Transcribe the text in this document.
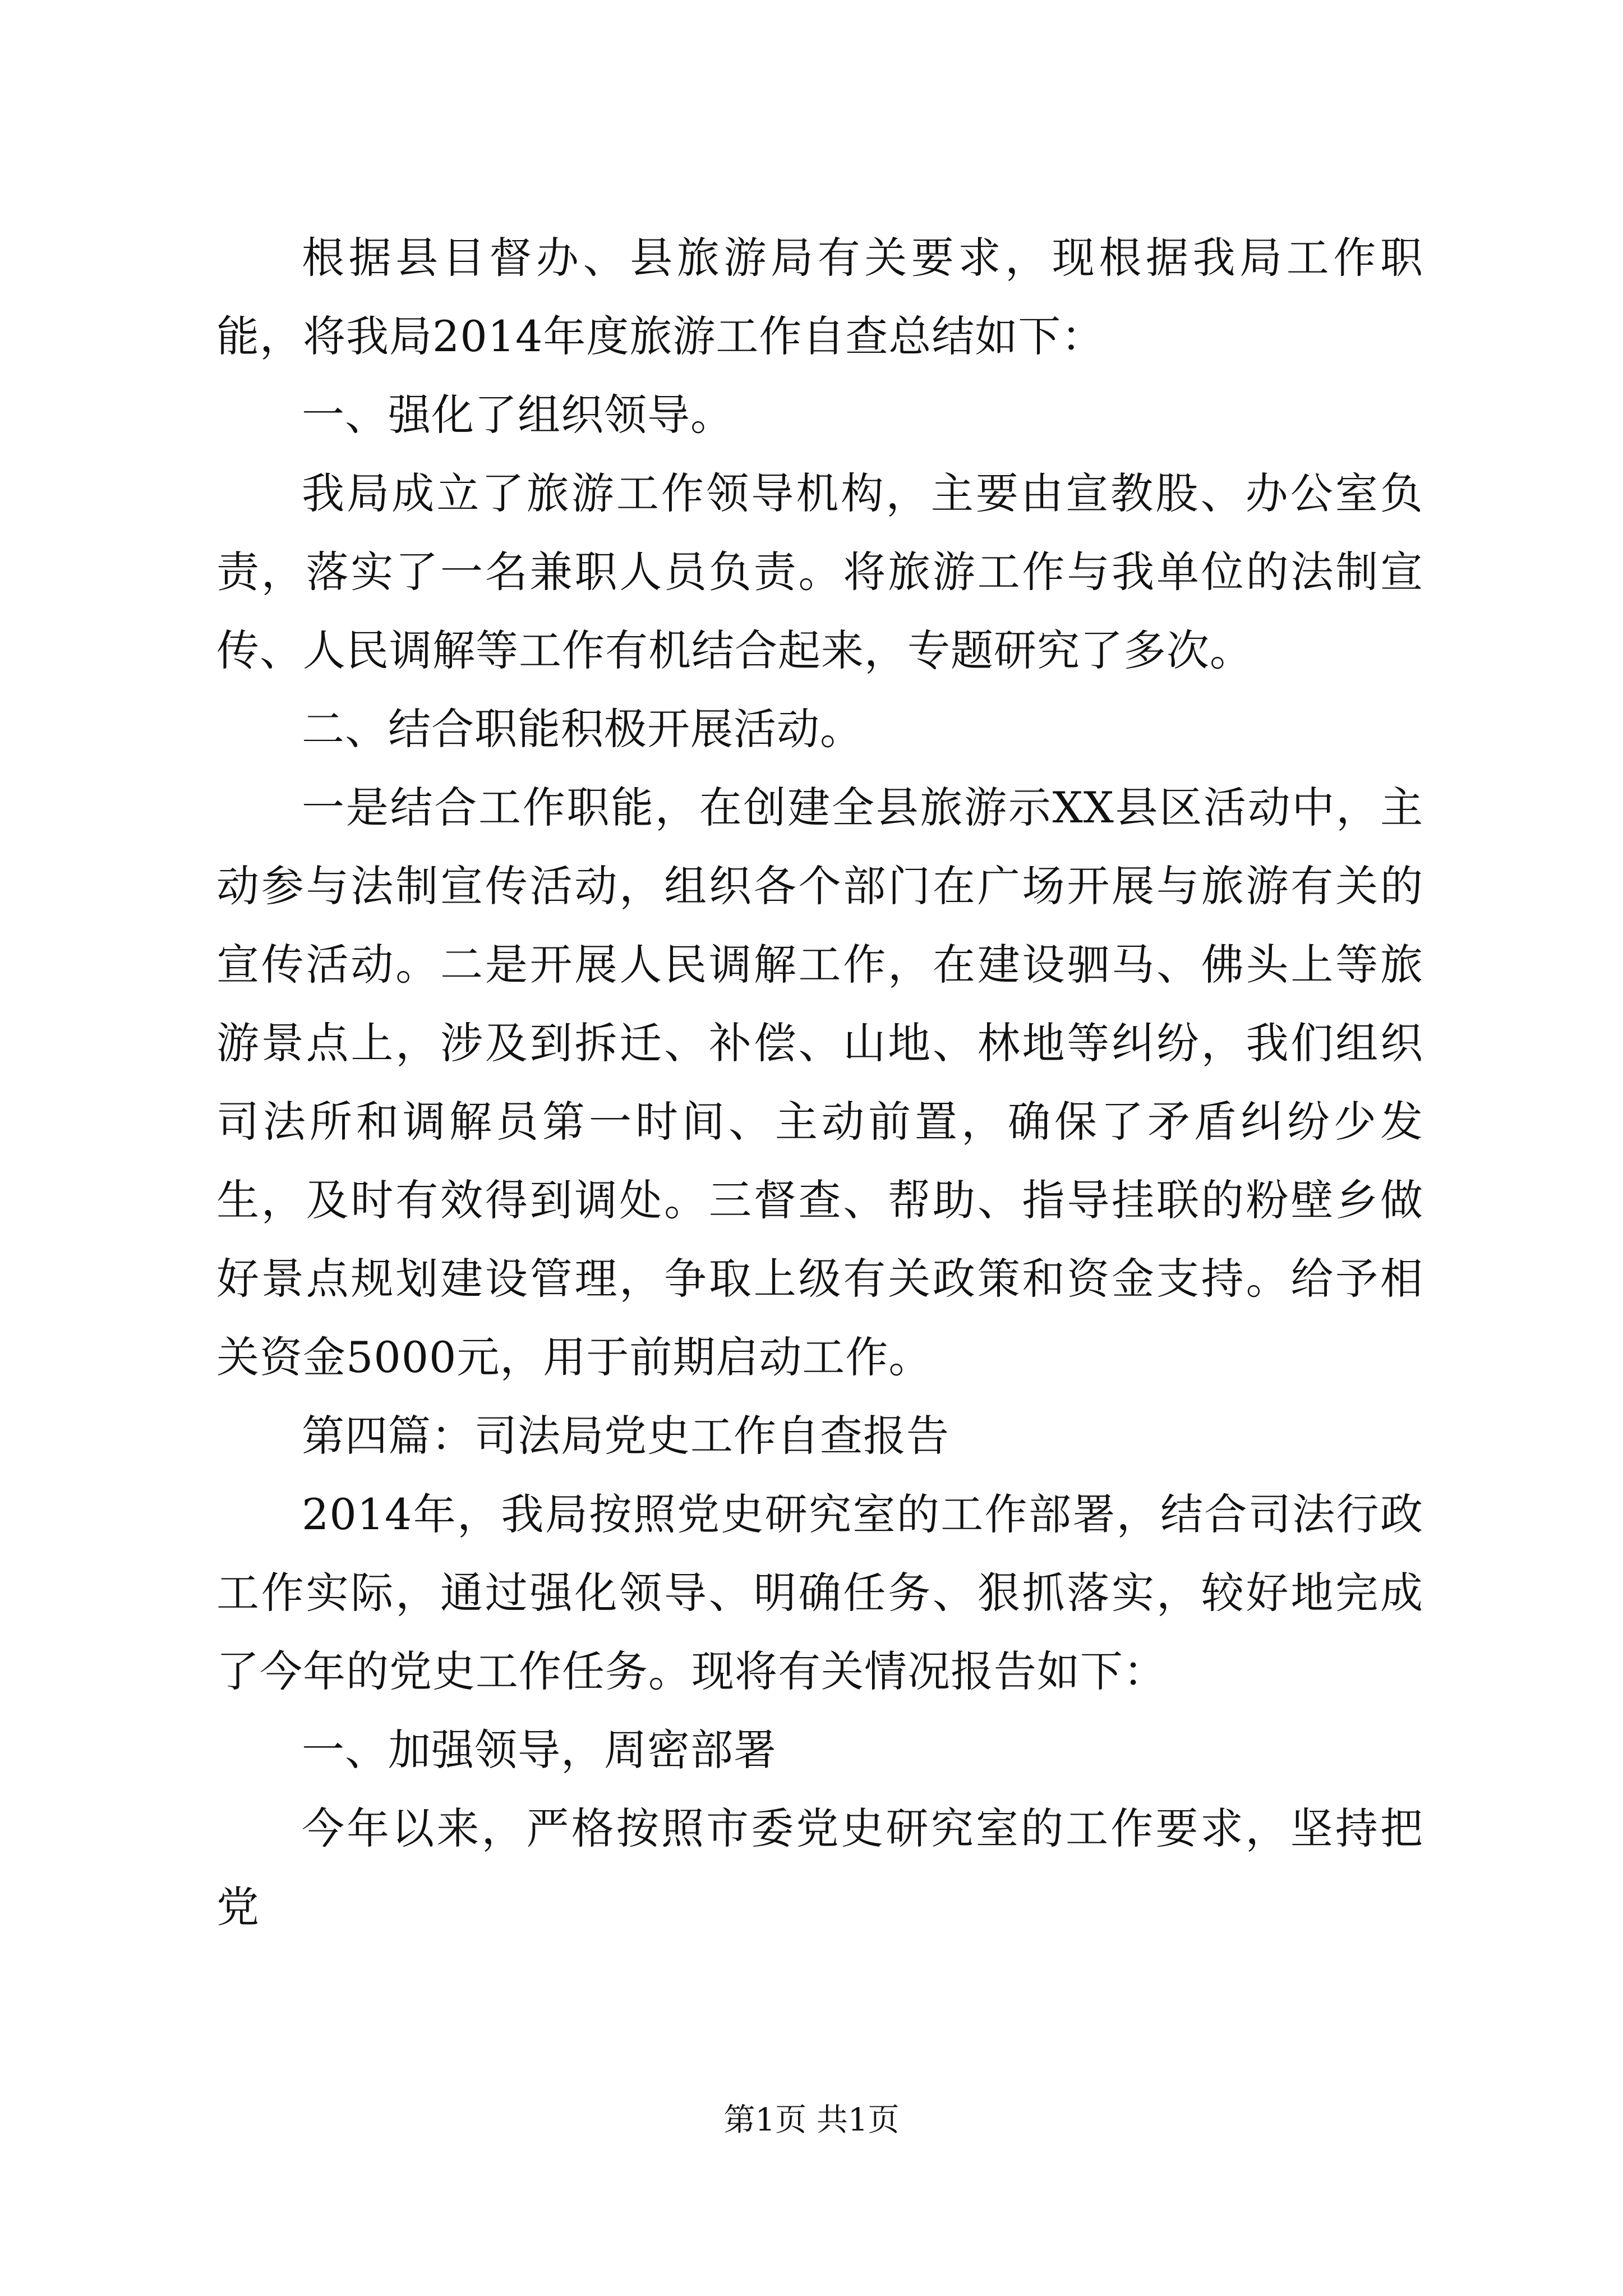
根据县目督办、县旅游局有关要求，现根据我局工作职能，将我局2014年度旅游工作自查总结如下：

一、强化了组织领导。

我局成立了旅游工作领导机构，主要由宣教股、办公室负责，落实了一名兼职人员负责。将旅游工作与我单位的法制宣传、人民调解等工作有机结合起来，专题研究了多次。

二、结合职能积极开展活动。

一是结合工作职能，在创建全县旅游示XX县区活动中，主动参与法制宣传活动，组织各个部门在广场开展与旅游有关的宣传活动。二是开展人民调解工作，在建设驷马、佛头上等旅游景点上，涉及到拆迁、补偿、山地、林地等纠纷，我们组织司法所和调解员第一时间、主动前置，确保了矛盾纠纷少发生，及时有效得到调处。三督查、帮助、指导挂联的粉壁乡做好景点规划建设管理，争取上级有关政策和资金支持。给予相关资金5000元，用于前期启动工作。

第四篇：司法局党史工作自查报告

2014年，我局按照党史研究室的工作部署，结合司法行政工作实际，通过强化领导、明确任务、狠抓落实，较好地完成了今年的党史工作任务。现将有关情况报告如下：

一、加强领导，周密部署

今年以来，严格按照市委党史研究室的工作要求，坚持把党

第1页 共1页
